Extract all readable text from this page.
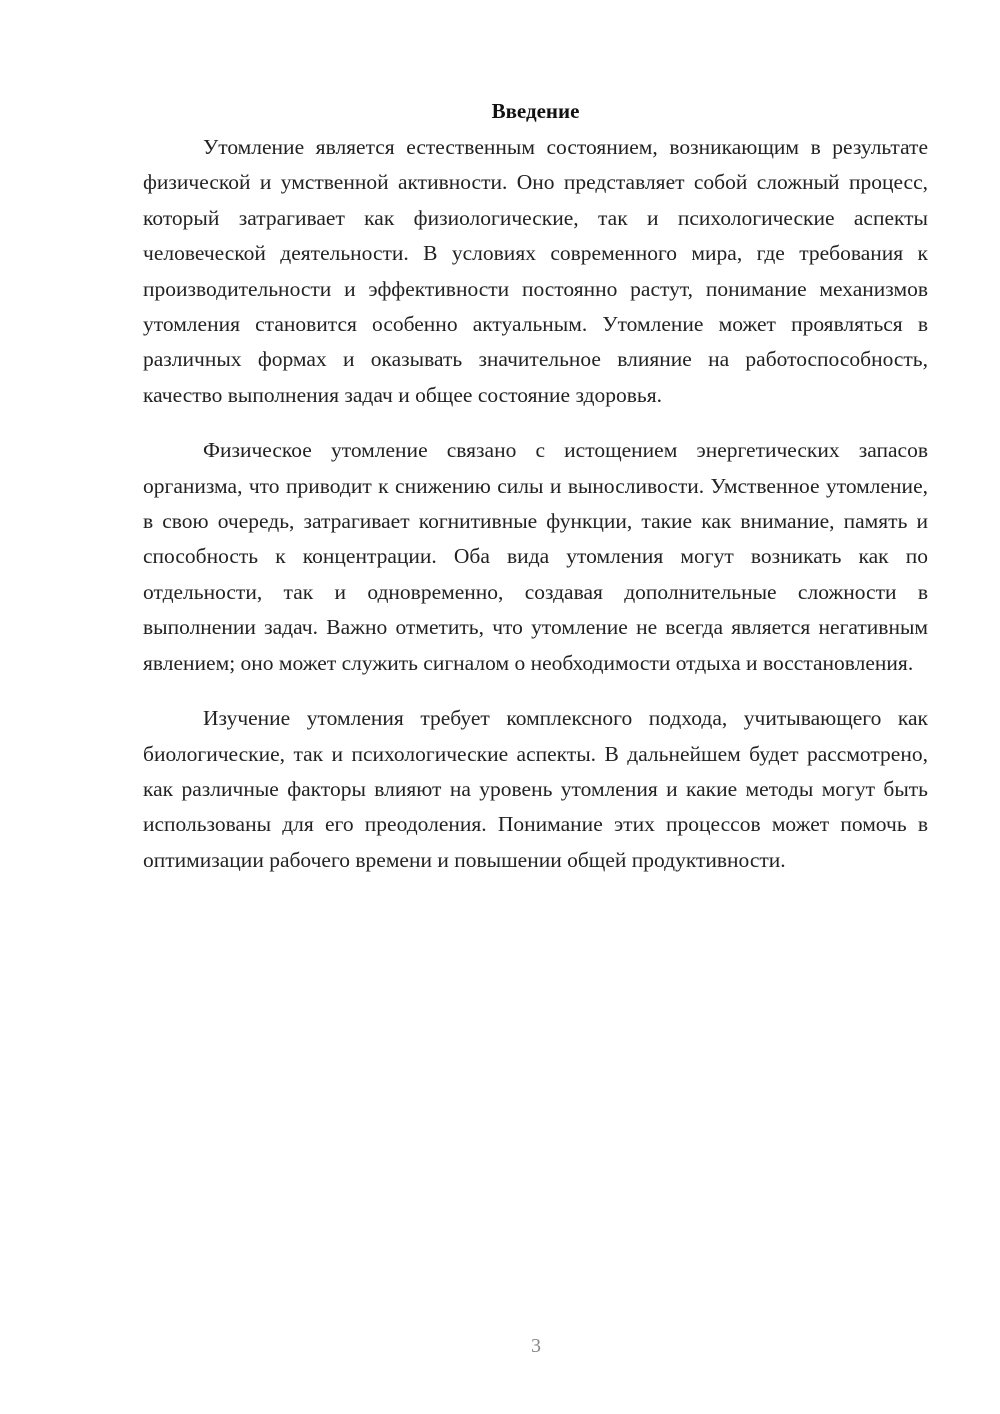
Введение

Утомление является естественным состоянием, возникающим в результате физической и умственной активности. Оно представляет собой сложный процесс, который затрагивает как физиологические, так и психологические аспекты человеческой деятельности. В условиях современного мира, где требования к производительности и эффективности постоянно растут, понимание механизмов утомления становится особенно актуальным. Утомление может проявляться в различных формах и оказывать значительное влияние на работоспособность, качество выполнения задач и общее состояние здоровья.

Физическое утомление связано с истощением энергетических запасов организма, что приводит к снижению силы и выносливости. Умственное утомление, в свою очередь, затрагивает когнитивные функции, такие как внимание, память и способность к концентрации. Оба вида утомления могут возникать как по отдельности, так и одновременно, создавая дополнительные сложности в выполнении задач. Важно отметить, что утомление не всегда является негативным явлением; оно может служить сигналом о необходимости отдыха и восстановления.

Изучение утомления требует комплексного подхода, учитывающего как биологические, так и психологические аспекты. В дальнейшем будет рассмотрено, как различные факторы влияют на уровень утомления и какие методы могут быть использованы для его преодоления. Понимание этих процессов может помочь в оптимизации рабочего времени и повышении общей продуктивности.

3
